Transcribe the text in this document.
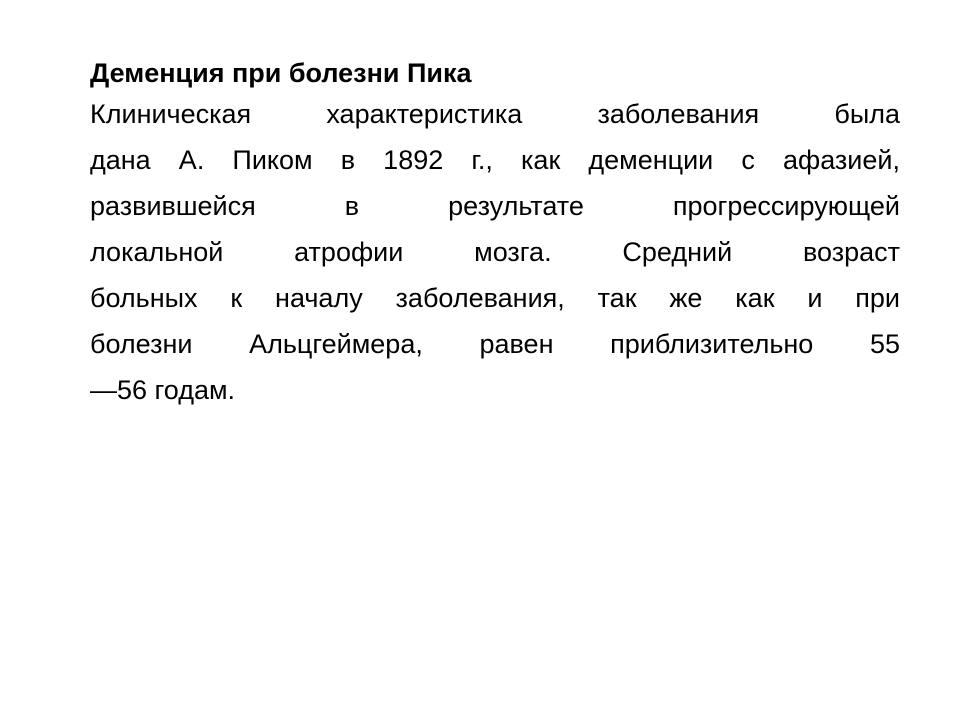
Деменция при болезни Пика

Клиническая характеристика заболевания была
дана А. Пиком в 1892 г., как деменции с афазией,
развившейся в результате прогрессирующей
локальной атрофии мозга. Средний возраст
больных к началу заболевания, так же как и при
болезни Альцгеймера, равен приблизительно 55
—56 годам.
